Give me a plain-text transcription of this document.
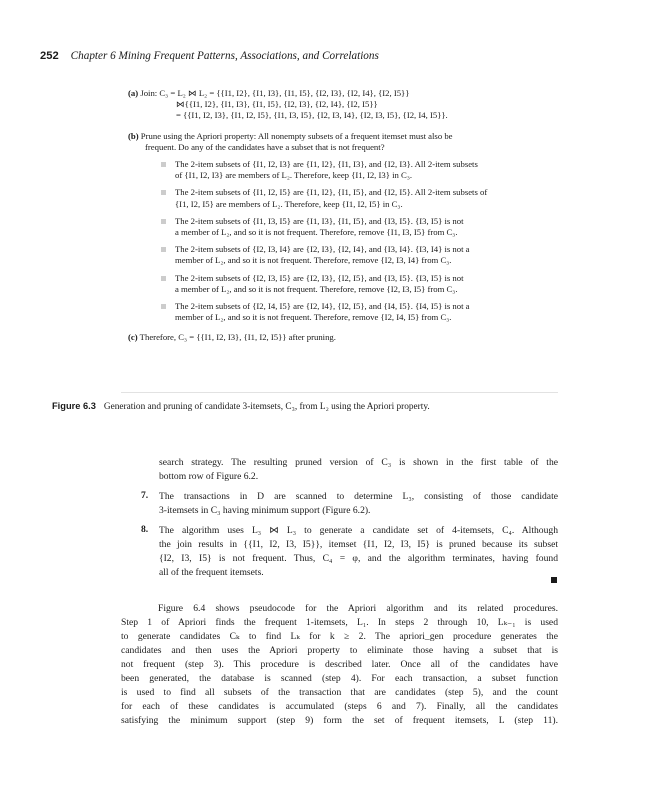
252 Chapter 6 Mining Frequent Patterns, Associations, and Correlations
(a) Join: C₃ = L₂ ⋈ L₂ = {{I1, I2}, {I1, I3}, {I1, I5}, {I2, I3}, {I2, I4}, {I2, I5}}
⋈{{I1, I2}, {I1, I3}, {I1, I5}, {I2, I3}, {I2, I4}, {I2, I5}}
= {{I1, I2, I3}, {I1, I2, I5}, {I1, I3, I5}, {I2, I3, I4}, {I2, I3, I5}, {I2, I4, I5}}.
(b) Prune using the Apriori property: All nonempty subsets of a frequent itemset must also be
frequent. Do any of the candidates have a subset that is not frequent?
The 2-item subsets of {I1, I2, I3} are {I1, I2}, {I1, I3}, and {I2, I3}. All 2-item subsets
of {I1, I2, I3} are members of L₂. Therefore, keep {I1, I2, I3} in C₃.
The 2-item subsets of {I1, I2, I5} are {I1, I2}, {I1, I5}, and {I2, I5}. All 2-item subsets of
{I1, I2, I5} are members of L₂. Therefore, keep {I1, I2, I5} in C₃.
The 2-item subsets of {I1, I3, I5} are {I1, I3}, {I1, I5}, and {I3, I5}. {I3, I5} is not
a member of L₂, and so it is not frequent. Therefore, remove {I1, I3, I5} from C₃.
The 2-item subsets of {I2, I3, I4} are {I2, I3}, {I2, I4}, and {I3, I4}. {I3, I4} is not a
member of L₂, and so it is not frequent. Therefore, remove {I2, I3, I4} from C₃.
The 2-item subsets of {I2, I3, I5} are {I2, I3}, {I2, I5}, and {I3, I5}. {I3, I5} is not
a member of L₂, and so it is not frequent. Therefore, remove {I2, I3, I5} from C₃.
The 2-item subsets of {I2, I4, I5} are {I2, I4}, {I2, I5}, and {I4, I5}. {I4, I5} is not a
member of L₂, and so it is not frequent. Therefore, remove {I2, I4, I5} from C₃.
(c) Therefore, C₃ = {{I1, I2, I3}, {I1, I2, I5}} after pruning.
Figure 6.3 Generation and pruning of candidate 3-itemsets, C₃, from L₂ using the Apriori property.
search strategy. The resulting pruned version of C₃ is shown in the first table of the
bottom row of Figure 6.2.
7. The transactions in D are scanned to determine L₃, consisting of those candidate
3-itemsets in C₃ having minimum support (Figure 6.2).
8. The algorithm uses L₃ ⋈ L₃ to generate a candidate set of 4-itemsets, C₄. Although
the join results in {{I1, I2, I3, I5}}, itemset {I1, I2, I3, I5} is pruned because its subset
{I2, I3, I5} is not frequent. Thus, C₄ = φ, and the algorithm terminates, having found
all of the frequent itemsets.
Figure 6.4 shows pseudocode for the Apriori algorithm and its related procedures.
Step 1 of Apriori finds the frequent 1-itemsets, L₁. In steps 2 through 10, Lₖ₋₁ is used
to generate candidates Cₖ to find Lₖ for k ≥ 2. The apriori_gen procedure generates the
candidates and then uses the Apriori property to eliminate those having a subset that is
not frequent (step 3). This procedure is described later. Once all of the candidates have
been generated, the database is scanned (step 4). For each transaction, a subset function
is used to find all subsets of the transaction that are candidates (step 5), and the count
for each of these candidates is accumulated (steps 6 and 7). Finally, all the candidates
satisfying the minimum support (step 9) form the set of frequent itemsets, L (step 11).
